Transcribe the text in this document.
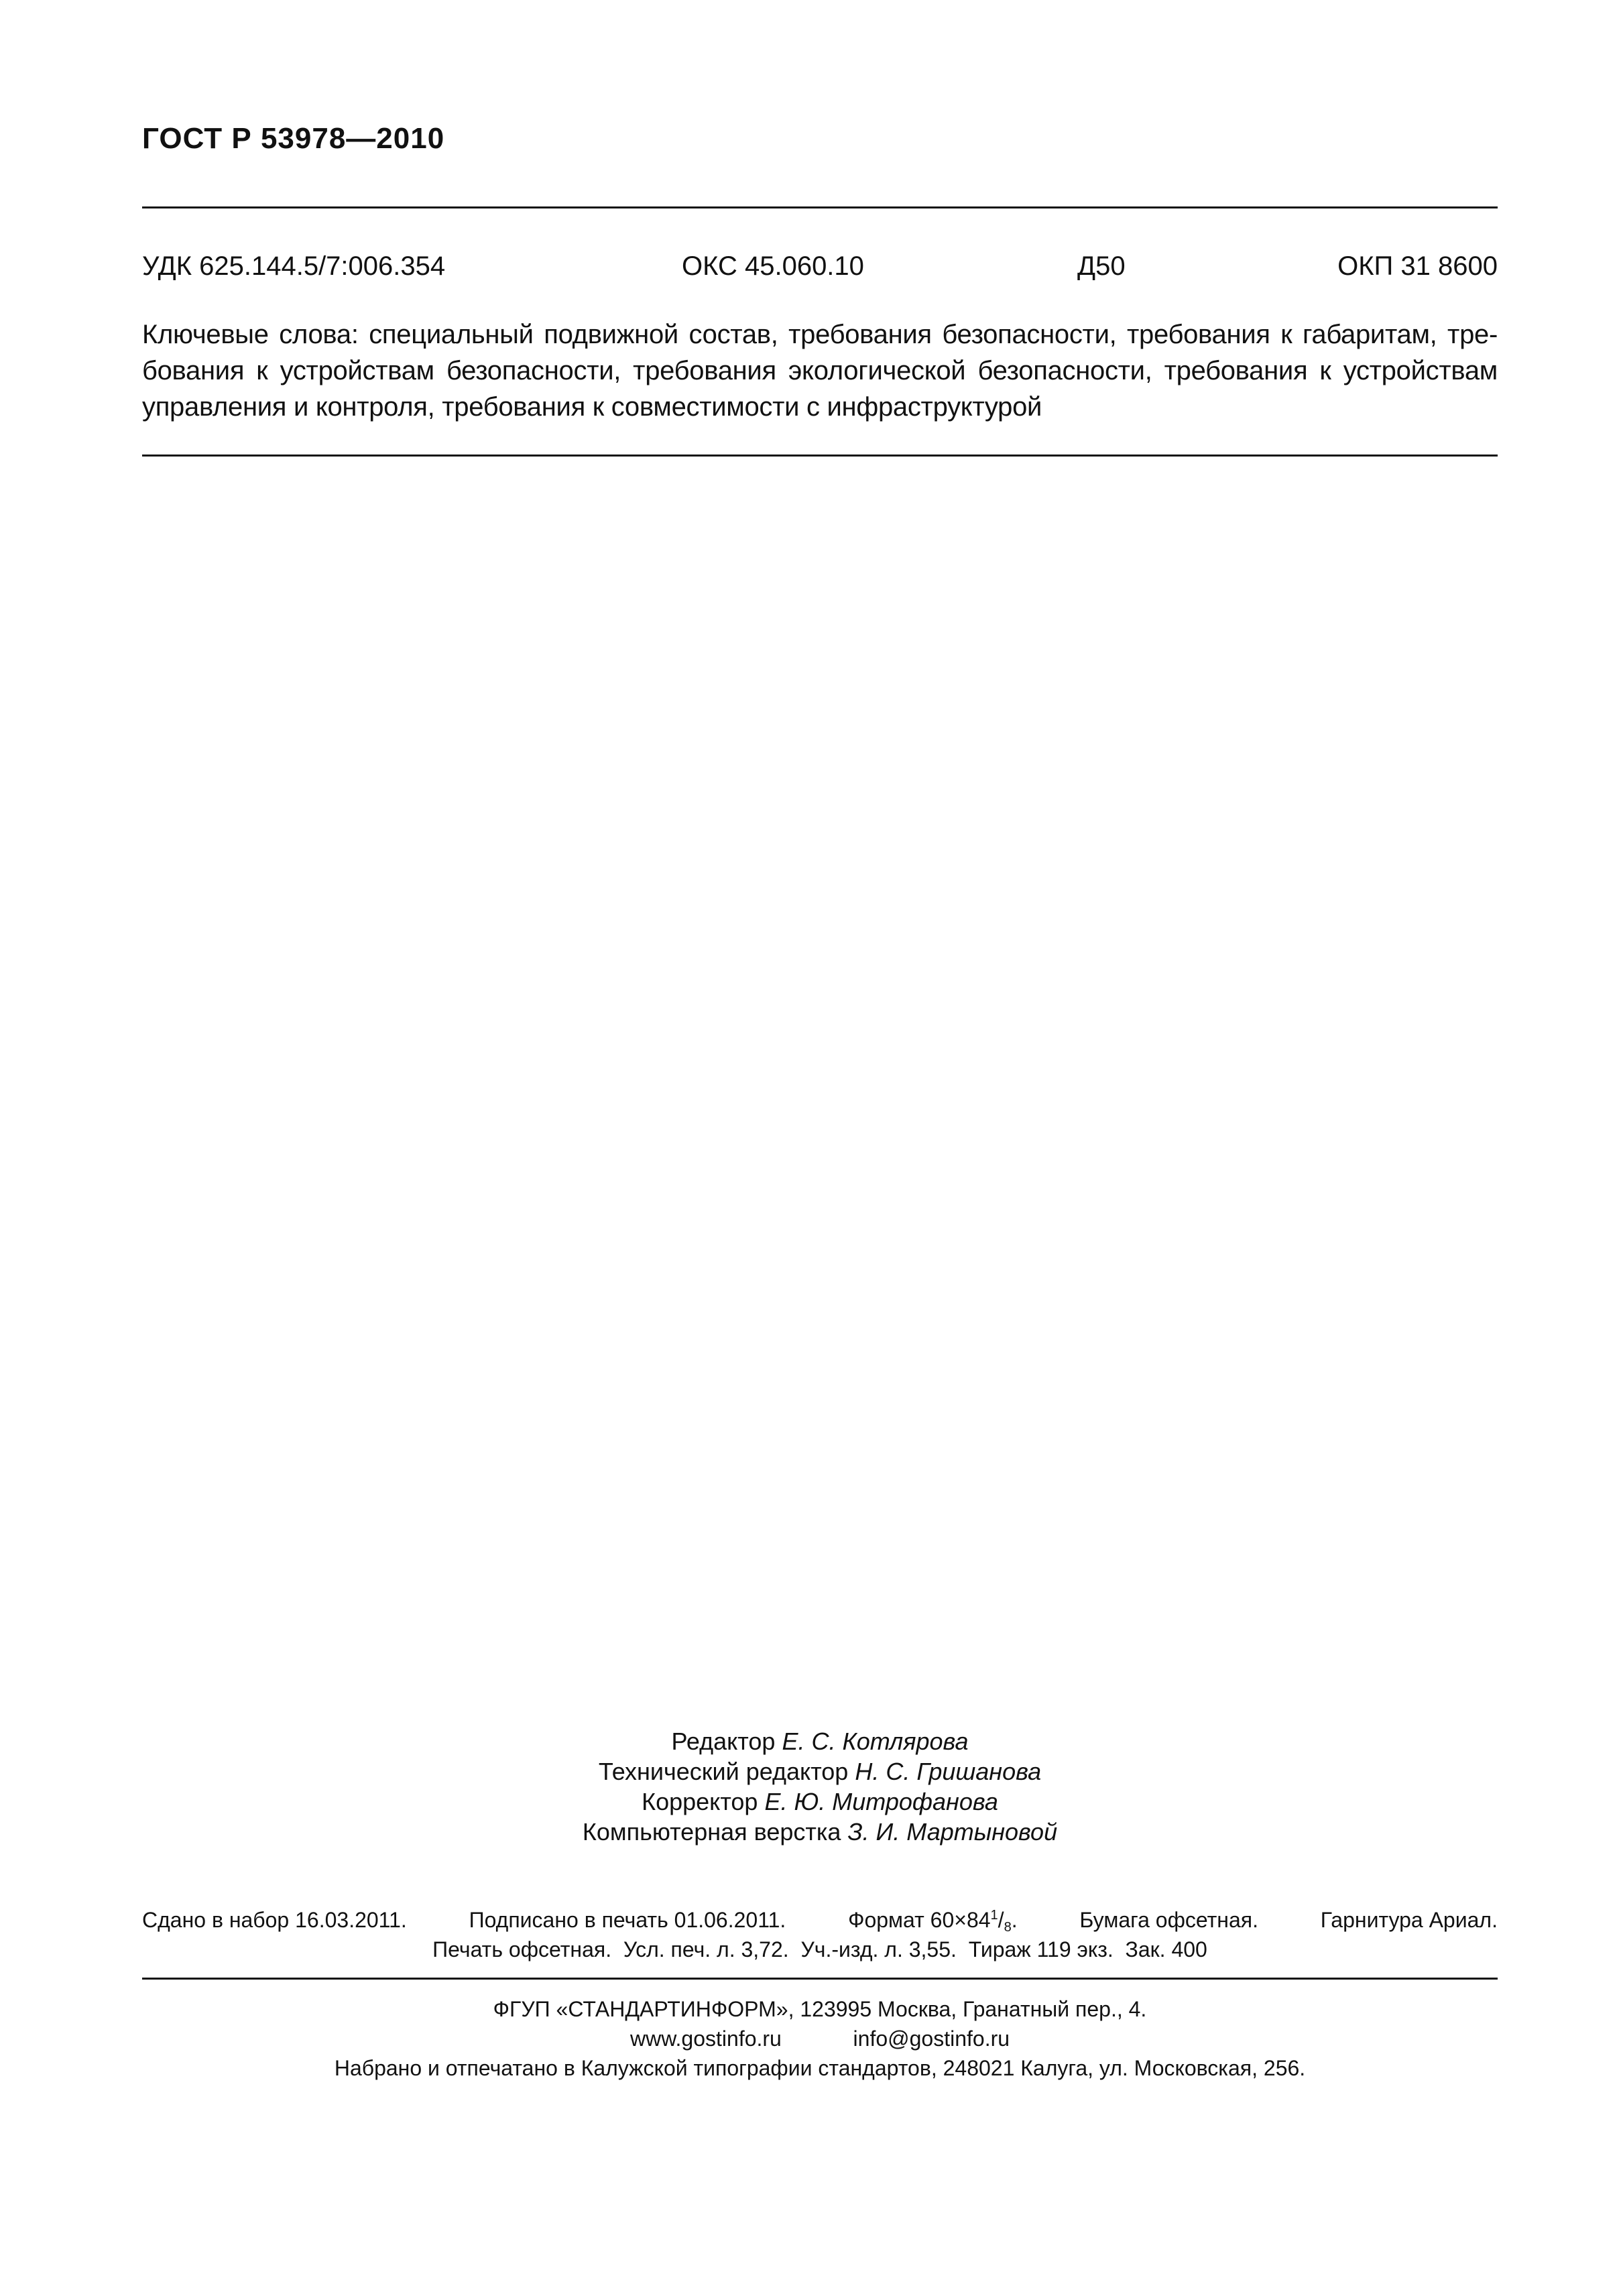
ГОСТ Р 53978—2010
УДК 625.144.5/7:006.354	ОКС 45.060.10	Д50	ОКП 31 8600
Ключевые слова: специальный подвижной состав, требования безопасности, требования к габаритам, тре-бования к устройствам безопасности, требования экологической безопасности, требования к устройствам управления и контроля, требования к совместимости с инфраструктурой
Редактор Е. С. Котлярова
Технический редактор Н. С. Гришанова
Корректор Е. Ю. Митрофанова
Компьютерная верстка З. И. Мартыновой
Сдано в набор 16.03.2011.	Подписано в печать 01.06.2011.	Формат $60\times 84^1/_8$.	Бумага офсетная.	Гарнитура Ариал.
Печать офсетная.  Усл. печ. л. 3,72.  Уч.-изд. л. 3,55.  Тираж 119 экз.  Зак. 400
ФГУП «СТАНДАРТИНФОРМ», 123995 Москва, Гранатный пер., 4.
www.gostinfo.ru	info@gostinfo.ru
Набрано и отпечатано в Калужской типографии стандартов, 248021 Калуга, ул. Московская, 256.
